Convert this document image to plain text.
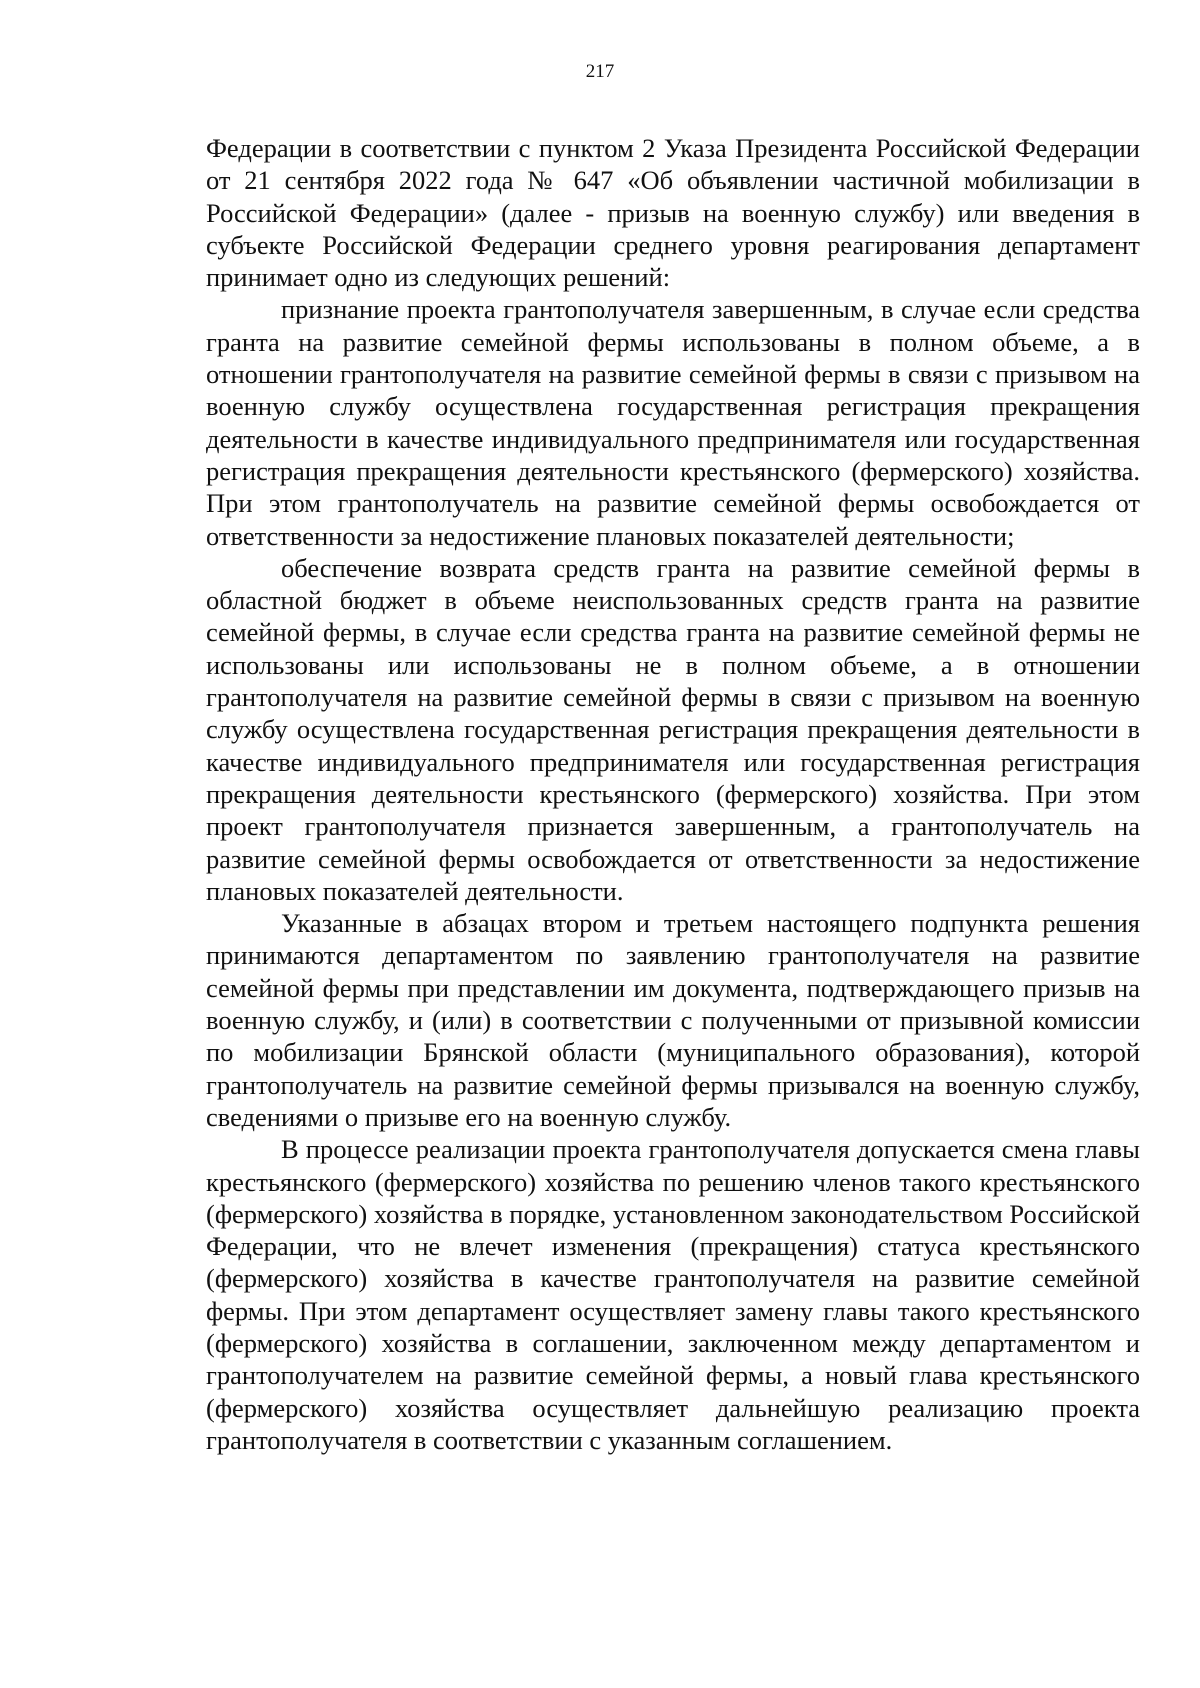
217

Федерации в соответствии с пунктом 2 Указа Президента Российской Федерации от 21 сентября 2022 года № 647 «Об объявлении частичной мобилизации в Российской Федерации» (далее - призыв на военную службу) или введения в субъекте Российской Федерации среднего уровня реагирования департамент принимает одно из следующих решений:

признание проекта грантополучателя завершенным, в случае если средства гранта на развитие семейной фермы использованы в полном объеме, а в отношении грантополучателя на развитие семейной фермы в связи с призывом на военную службу осуществлена государственная регистрация прекращения деятельности в качестве индивидуального предпринимателя или государственная регистрация прекращения деятельности крестьянского (фермерского) хозяйства. При этом грантополучатель на развитие семейной фермы освобождается от ответственности за недостижение плановых показателей деятельности;

обеспечение возврата средств гранта на развитие семейной фермы в областной бюджет в объеме неиспользованных средств гранта на развитие семейной фермы, в случае если средства гранта на развитие семейной фермы не использованы или использованы не в полном объеме, а в отношении грантополучателя на развитие семейной фермы в связи с призывом на военную службу осуществлена государственная регистрация прекращения деятельности в качестве индивидуального предпринимателя или государственная регистрация прекращения деятельности крестьянского (фермерского) хозяйства. При этом проект грантополучателя признается завершенным, а грантополучатель на развитие семейной фермы освобождается от ответственности за недостижение плановых показателей деятельности.

Указанные в абзацах втором и третьем настоящего подпункта решения принимаются департаментом по заявлению грантополучателя на развитие семейной фермы при представлении им документа, подтверждающего призыв на военную службу, и (или) в соответствии с полученными от призывной комиссии по мобилизации Брянской области (муниципального образования), которой грантополучатель на развитие семейной фермы призывался на военную службу, сведениями о призыве его на военную службу.

В процессе реализации проекта грантополучателя допускается смена главы крестьянского (фермерского) хозяйства по решению членов такого крестьянского (фермерского) хозяйства в порядке, установленном законодательством Российской Федерации, что не влечет изменения (прекращения) статуса крестьянского (фермерского) хозяйства в качестве грантополучателя на развитие семейной фермы. При этом департамент осуществляет замену главы такого крестьянского (фермерского) хозяйства в соглашении, заключенном между департаментом и грантополучателем на развитие семейной фермы, а новый глава крестьянского (фермерского) хозяйства осуществляет дальнейшую реализацию проекта грантополучателя в соответствии с указанным соглашением.
